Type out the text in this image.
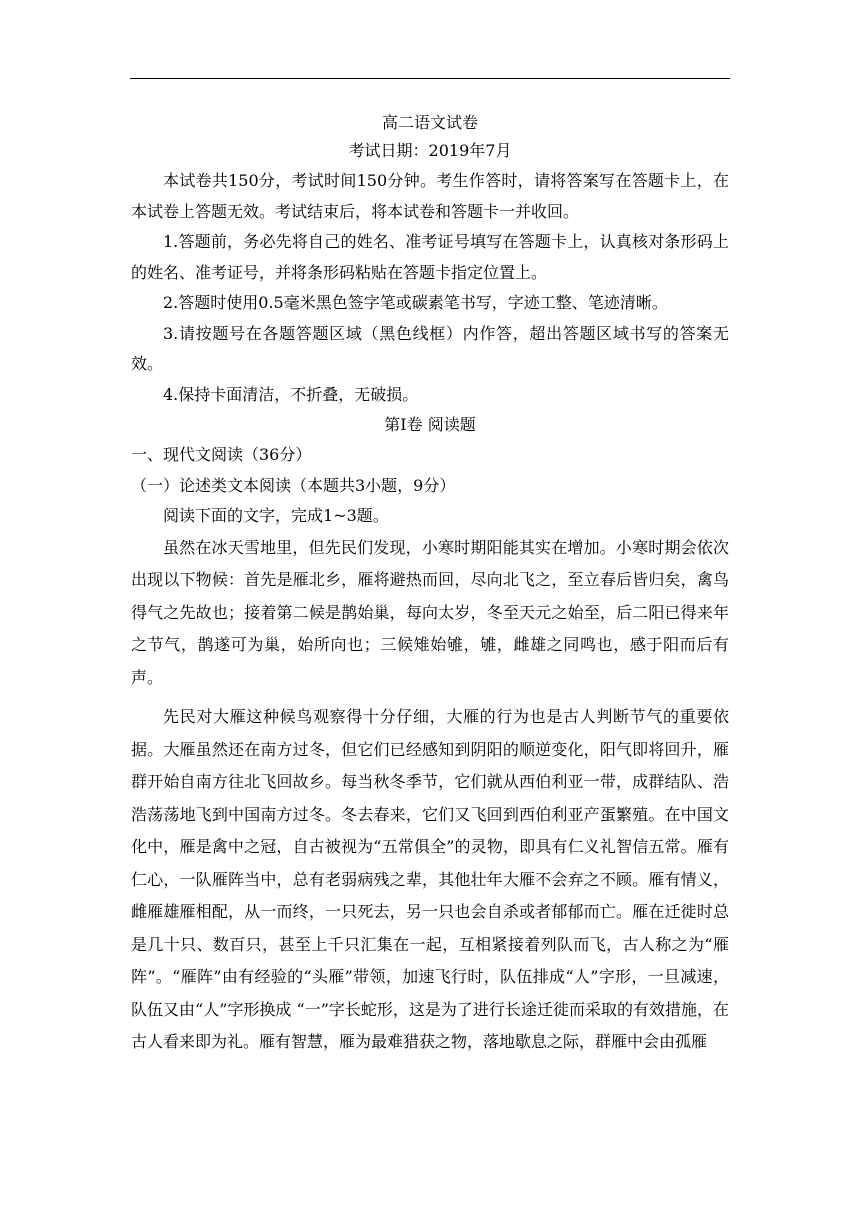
高二语文试卷
考试日期：2019年7月
本试卷共150分，考试时间150分钟。考生作答时，请将答案写在答题卡上，在本试卷上答题无效。考试结束后，将本试卷和答题卡一并收回。
1.答题前，务必先将自己的姓名、准考证号填写在答题卡上，认真核对条形码上的姓名、准考证号，并将条形码粘贴在答题卡指定位置上。
2.答题时使用0.5毫米黑色签字笔或碳素笔书写，字迹工整、笔迹清晰。
3.请按题号在各题答题区域（黑色线框）内作答，超出答题区域书写的答案无效。
4.保持卡面清洁，不折叠，无破损。
第Ⅰ卷 阅读题
一、现代文阅读（36分）
（一）论述类文本阅读（本题共3小题，9分）
阅读下面的文字，完成1~3题。
虽然在冰天雪地里，但先民们发现，小寒时期阳能其实在增加。小寒时期会依次出现以下物候：首先是雁北乡，雁将避热而回，尽向北飞之，至立春后皆归矣，禽鸟得气之先故也；接着第二候是鹊始巢，每向太岁，冬至天元之始至，后二阳已得来年之节气，鹊遂可为巢，始所向也；三候雉始雊，雊，雌雄之同鸣也，感于阳而后有声。
先民对大雁这种候鸟观察得十分仔细，大雁的行为也是古人判断节气的重要依据。大雁虽然还在南方过冬，但它们已经感知到阴阳的顺逆变化，阳气即将回升，雁群开始自南方往北飞回故乡。每当秋冬季节，它们就从西伯利亚一带，成群结队、浩浩荡荡地飞到中国南方过冬。冬去春来，它们又飞回到西伯利亚产蛋繁殖。在中国文化中，雁是禽中之冠，自古被视为“五常俱全”的灵物，即具有仁义礼智信五常。雁有仁心，一队雁阵当中，总有老弱病残之辈，其他壮年大雁不会弃之不顾。雁有情义，雌雁雄雁相配，从一而终，一只死去，另一只也会自杀或者郁郁而亡。雁在迁徙时总是几十只、数百只，甚至上千只汇集在一起，互相紧接着列队而飞，古人称之为“雁阵”。“雁阵”由有经验的“头雁”带领，加速飞行时，队伍排成“人”字形，一旦减速，队伍又由“人”字形换成 “一”字长蛇形，这是为了进行长途迁徙而采取的有效措施，在古人看来即为礼。雁有智慧，雁为最难猎获之物，落地歇息之际，群雁中会由孤雁
